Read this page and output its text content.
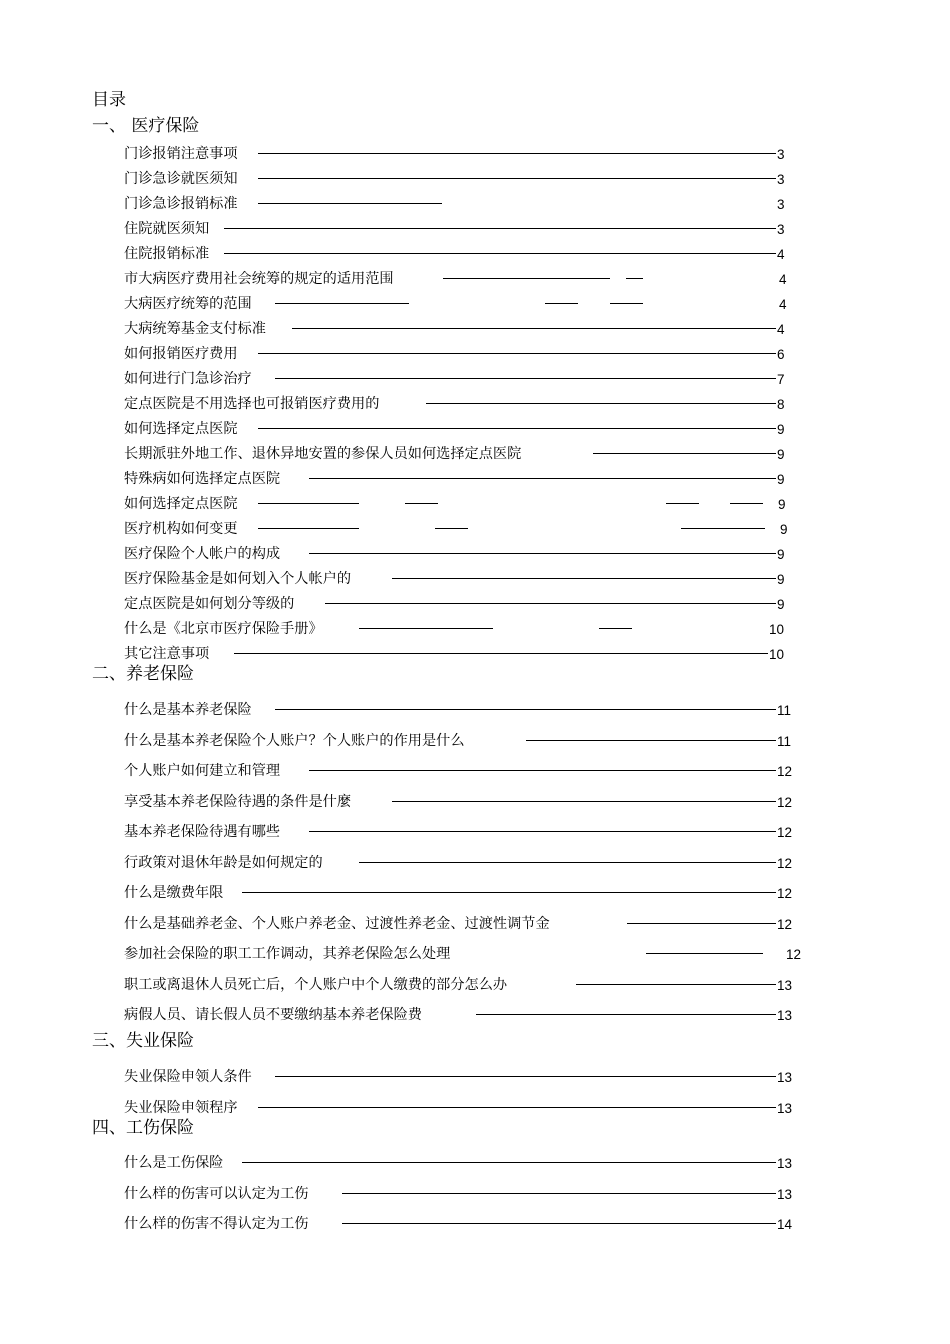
目录
一、 医疗保险
门诊报销注意事项	3
门诊急诊就医须知	3
门诊急诊报销标准	3
住院就医须知	3
住院报销标准	4
市大病医疗费用社会统筹的规定的适用范围	4
大病医疗统筹的范围	4
大病统筹基金支付标准	4
如何报销医疗费用	6
如何进行门急诊治疗	7
定点医院是不用选择也可报销医疗费用的	8
如何选择定点医院	9
长期派驻外地工作、退休异地安置的参保人员如何选择定点医院	9
特殊病如何选择定点医院	9
如何选择定点医院	9
医疗机构如何变更	9
医疗保险个人帐户的构成	9
医疗保险基金是如何划入个人帐户的	9
定点医院是如何划分等级的	9
什么是《北京市医疗保险手册》	10
其它注意事项	10
二、养老保险
什么是基本养老保险	11
什么是基本养老保险个人账户？个人账户的作用是什么	11
个人账户如何建立和管理	12
享受基本养老保险待遇的条件是什麼	12
基本养老保险待遇有哪些	12
行政策对退休年龄是如何规定的	12
什么是缴费年限	12
什么是基础养老金、个人账户养老金、过渡性养老金、过渡性调节金	12
参加社会保险的职工工作调动，其养老保险怎么处理	12
职工或离退休人员死亡后，个人账户中个人缴费的部分怎么办	13
病假人员、请长假人员不要缴纳基本养老保险费	13
三、失业保险
失业保险申领人条件	13
失业保险申领程序	13
四、工伤保险
什么是工伤保险	13
什么样的伤害可以认定为工伤	13
什么样的伤害不得认定为工伤	14
